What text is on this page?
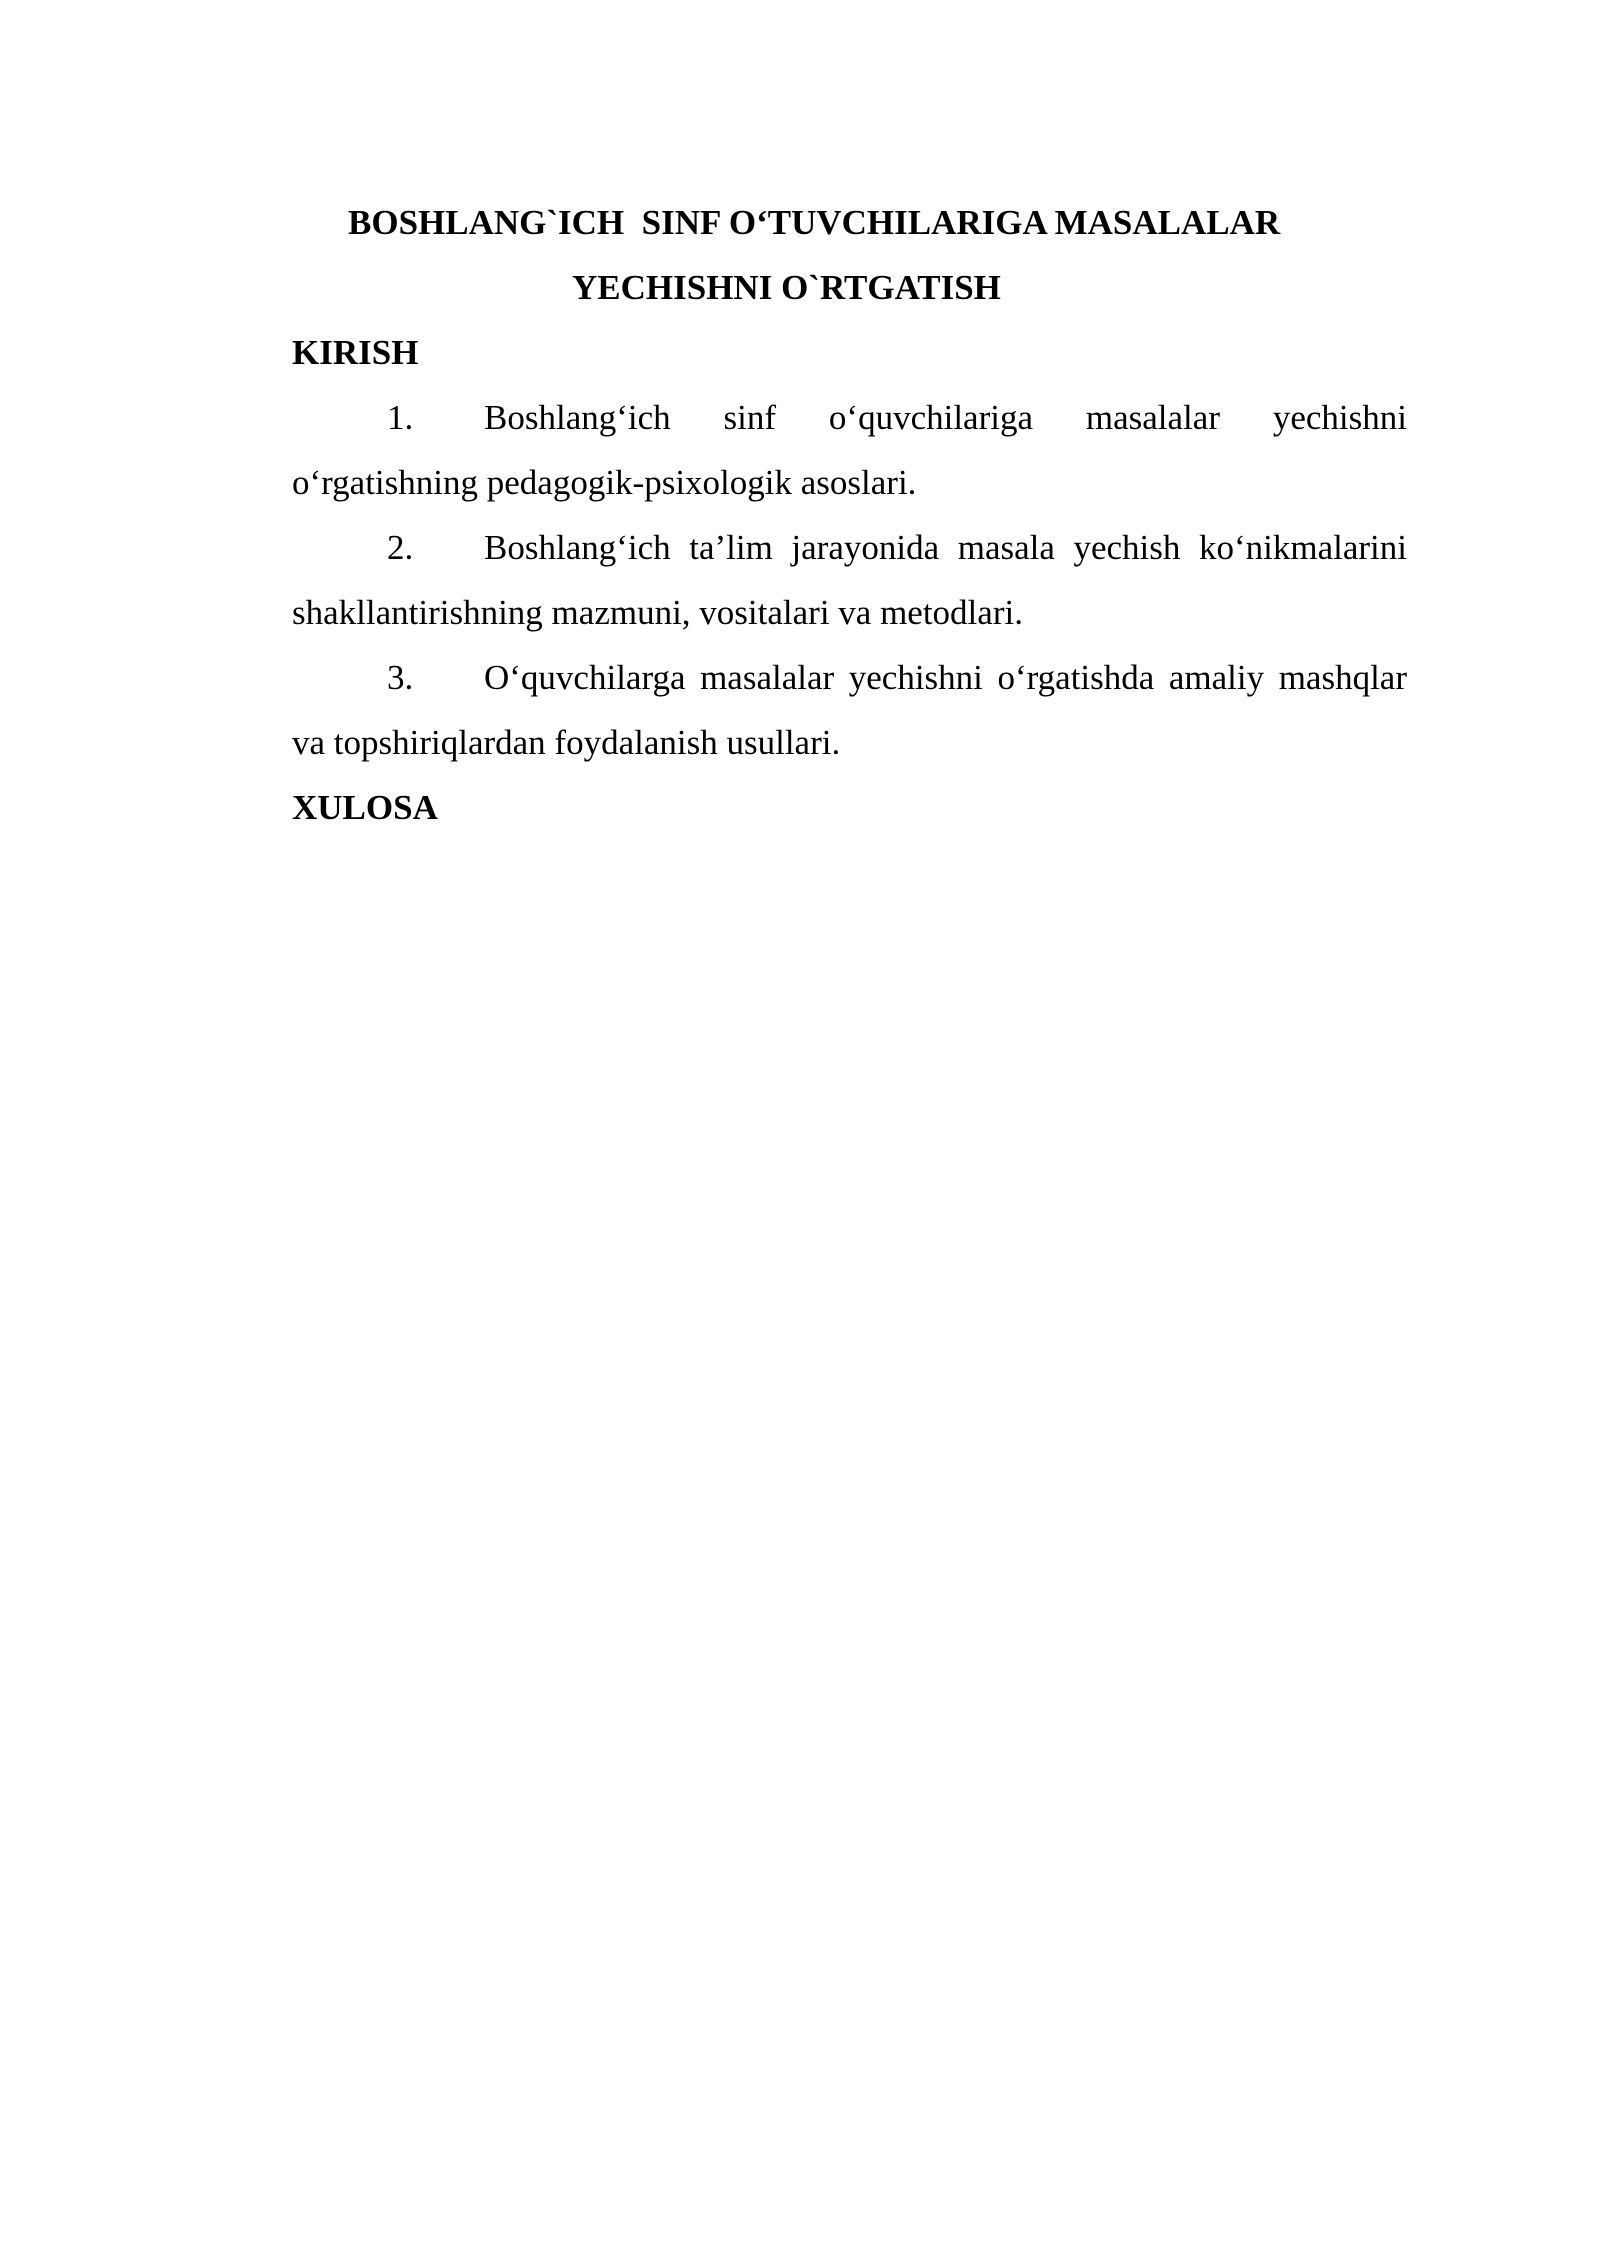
BOSHLANG`ICH  SINF O‘TUVCHILARIGA MASALALAR
YECHISHNI O`RTGATISH
KIRISH
1. Boshlang‘ich sinf o‘quvchilariga masalalar yechishni o‘rgatishning pedagogik-psixologik asoslari.
2. Boshlang‘ich ta’lim jarayonida masala yechish ko‘nikmalarini shakllantirishning mazmuni, vositalari va metodlari.
3. O‘quvchilarga masalalar yechishni o‘rgatishda amaliy mashqlar va topshiriqlardan foydalanish usullari.
XULOSA
